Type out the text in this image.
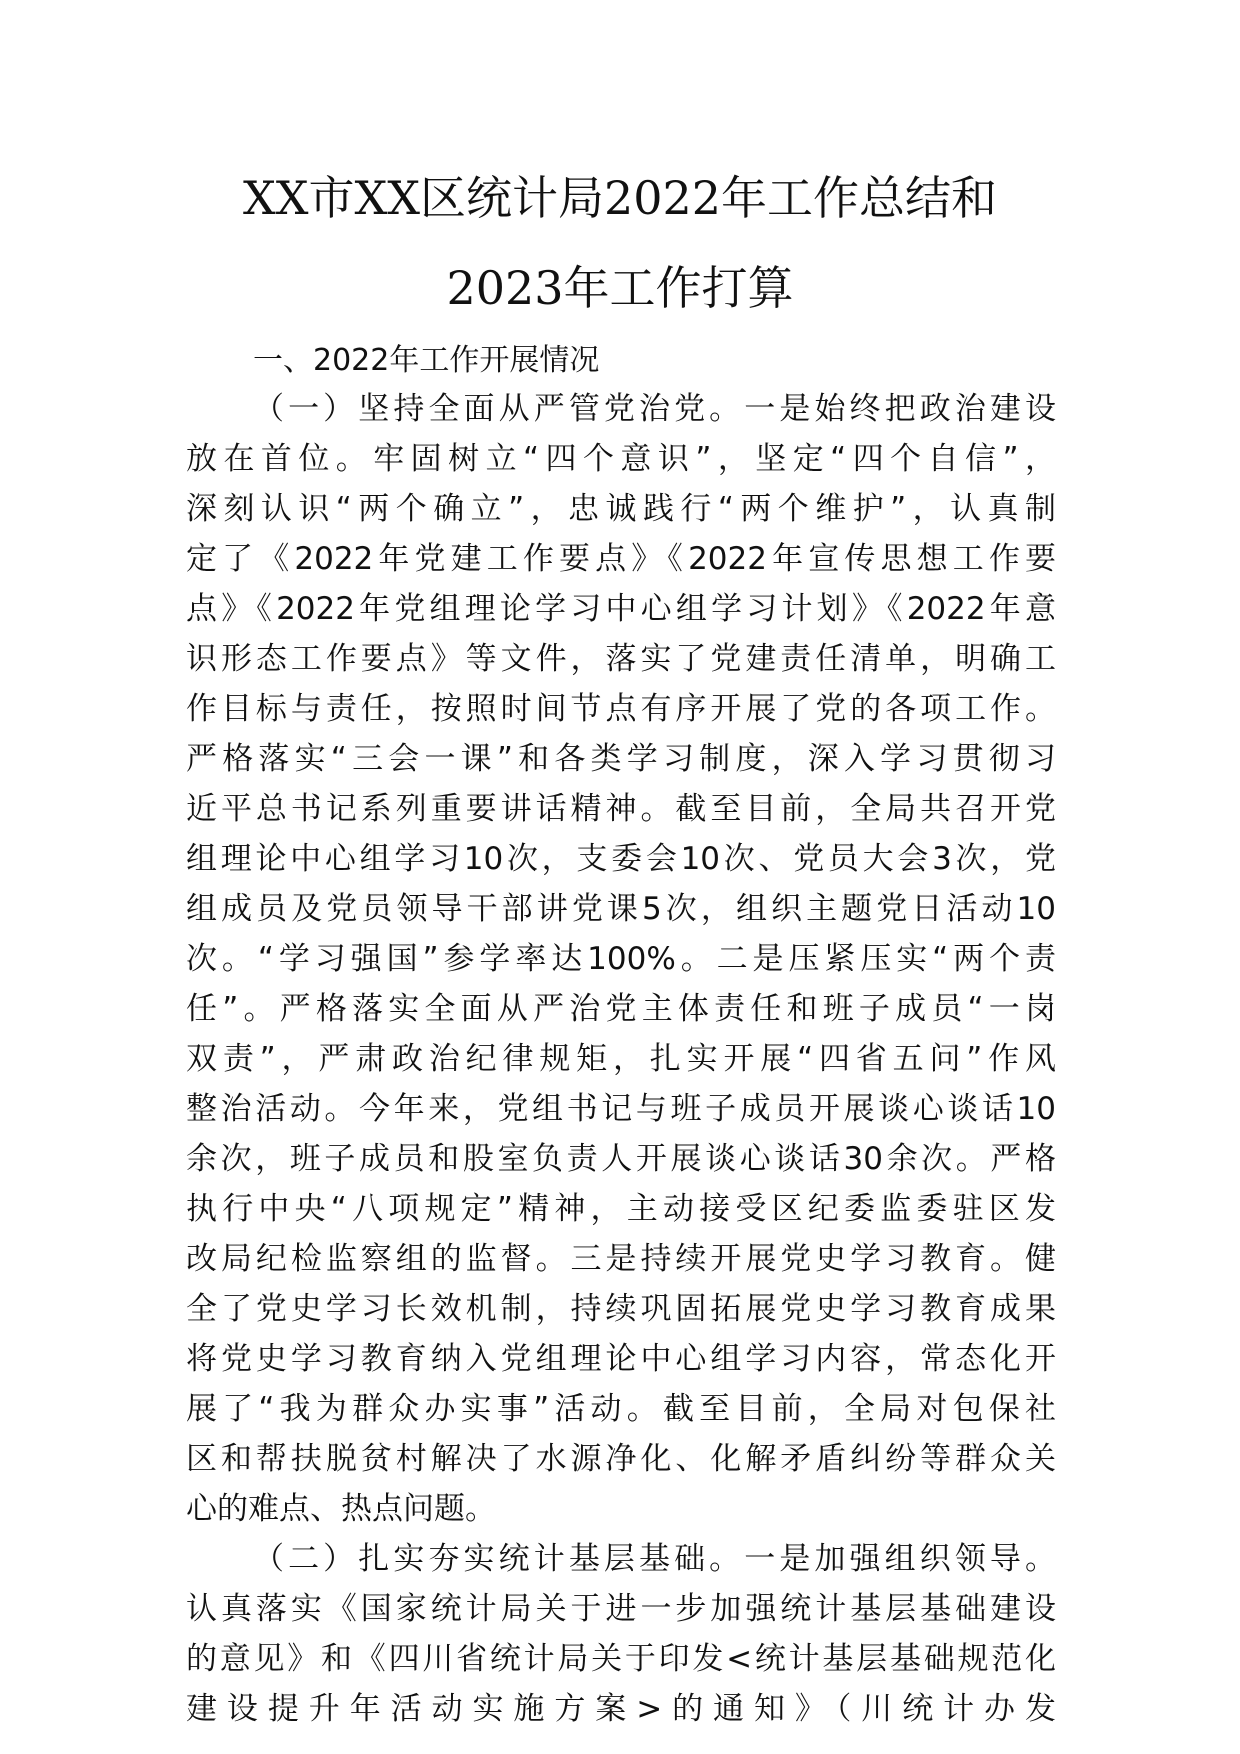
XX市XX区统计局2022年工作总结和
2023年工作打算
一、2022年工作开展情况
（一）坚持全面从严管党治党。一是始终把政治建设
放在首位。牢固树立“四个意识”，坚定“四个自信”，
深刻认识“两个确立”，忠诚践行“两个维护”，认真制
定了《2022年党建工作要点》《2022年宣传思想工作要
点》《2022年党组理论学习中心组学习计划》《2022年意
识形态工作要点》等文件，落实了党建责任清单，明确工
作目标与责任，按照时间节点有序开展了党的各项工作。
严格落实“三会一课”和各类学习制度，深入学习贯彻习
近平总书记系列重要讲话精神。截至目前，全局共召开党
组理论中心组学习10次，支委会10次、党员大会3次，党
组成员及党员领导干部讲党课5次，组织主题党日活动10
次。“学习强国”参学率达100%。二是压紧压实“两个责
任”。严格落实全面从严治党主体责任和班子成员“一岗
双责”，严肃政治纪律规矩，扎实开展“四省五问”作风
整治活动。今年来，党组书记与班子成员开展谈心谈话10
余次，班子成员和股室负责人开展谈心谈话30余次。严格
执行中央“八项规定”精神，主动接受区纪委监委驻区发
改局纪检监察组的监督。三是持续开展党史学习教育。健
全了党史学习长效机制，持续巩固拓展党史学习教育成果
将党史学习教育纳入党组理论中心组学习内容，常态化开
展了“我为群众办实事”活动。截至目前，全局对包保社
区和帮扶脱贫村解决了水源净化、化解矛盾纠纷等群众关
心的难点、热点问题。
（二）扎实夯实统计基层基础。一是加强组织领导。
认真落实《国家统计局关于进一步加强统计基层基础建设
的意见》和《四川省统计局关于印发<统计基层基础规范化
建设提升年活动实施方案>的通知》（川统计办发
